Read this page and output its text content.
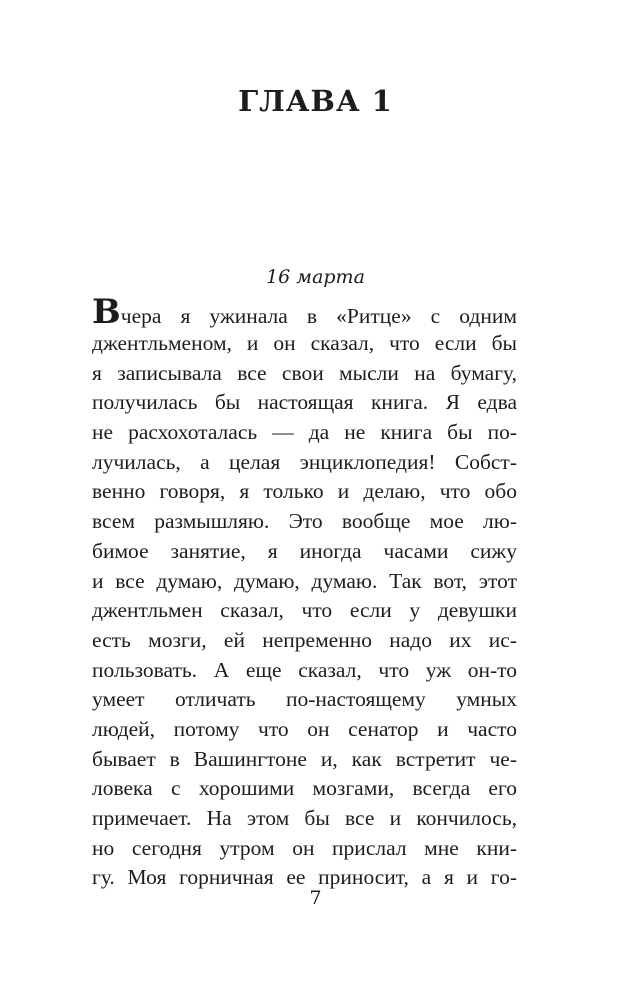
ГЛАВА 1

16 марта

Вчера я ужинала в «Ритце» с одним
джентльменом, и он сказал, что если бы
я записывала все свои мысли на бумагу,
получилась бы настоящая книга. Я едва
не расхохоталась — да не книга бы по-
лучилась, а целая энциклопедия! Собст-
венно говоря, я только и делаю, что обо
всем размышляю. Это вообще мое лю-
бимое занятие, я иногда часами сижу
и все думаю, думаю, думаю. Так вот, этот
джентльмен сказал, что если у девушки
есть мозги, ей непременно надо их ис-
пользовать. А еще сказал, что уж он-то
умеет отличать по-настоящему умных
людей, потому что он сенатор и часто
бывает в Вашингтоне и, как встретит че-
ловека с хорошими мозгами, всегда его
примечает. На этом бы все и кончилось,
но сегодня утром он прислал мне кни-
гу. Моя горничная ее приносит, а я и го-

7
